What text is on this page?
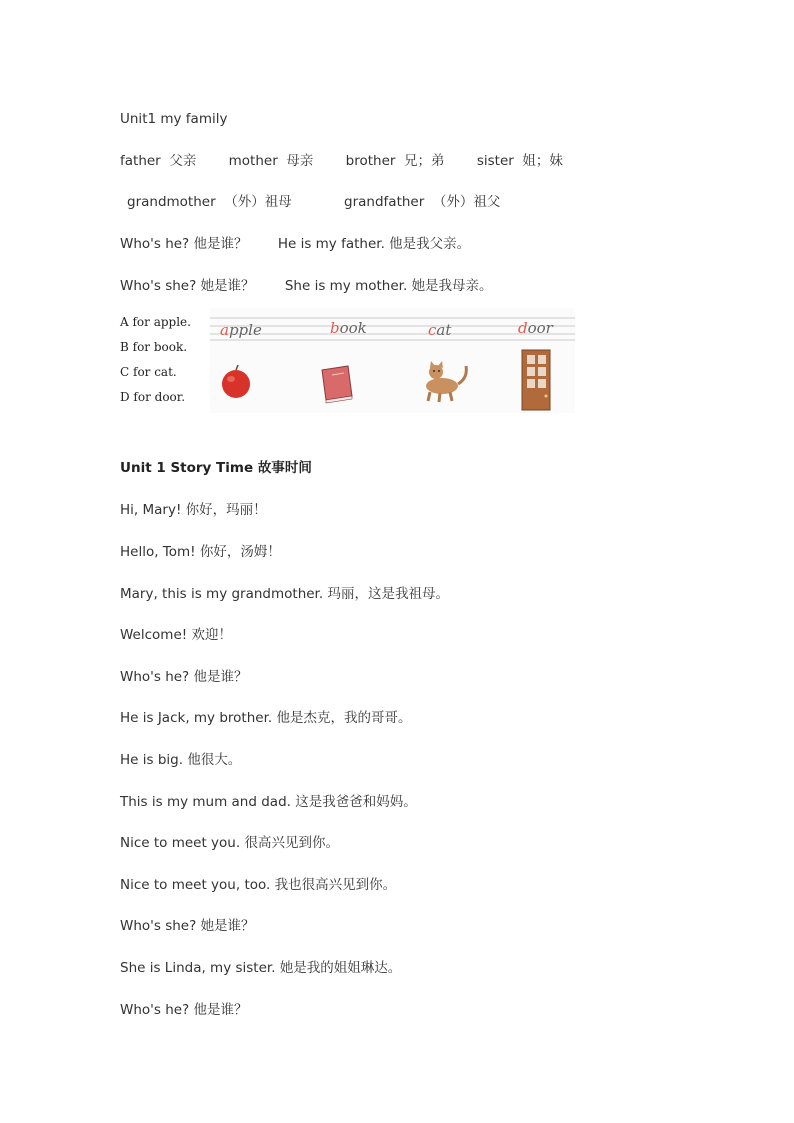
Unit1 my family
father 父亲 mother 母亲 brother 兄；弟 sister 姐；妹
grandmother （外）祖母	grandfather （外）祖父
Who's he? 他是谁？ He is my father. 他是我父亲。
Who's she? 她是谁？ She is my mother. 她是我母亲。
A for apple.
B for book.
C for cat.
D for door.
apple	book	cat	door
Unit 1 Story Time 故事时间
Hi, Mary! 你好，玛丽！
Hello, Tom! 你好，汤姆！
Mary, this is my grandmother. 玛丽，这是我祖母。
Welcome! 欢迎！
Who's he? 他是谁？
He is Jack, my brother. 他是杰克，我的哥哥。
He is big. 他很大。
This is my mum and dad. 这是我爸爸和妈妈。
Nice to meet you. 很高兴见到你。
Nice to meet you, too. 我也很高兴见到你。
Who's she? 她是谁？
She is Linda, my sister. 她是我的姐姐琳达。
Who's he? 他是谁？
